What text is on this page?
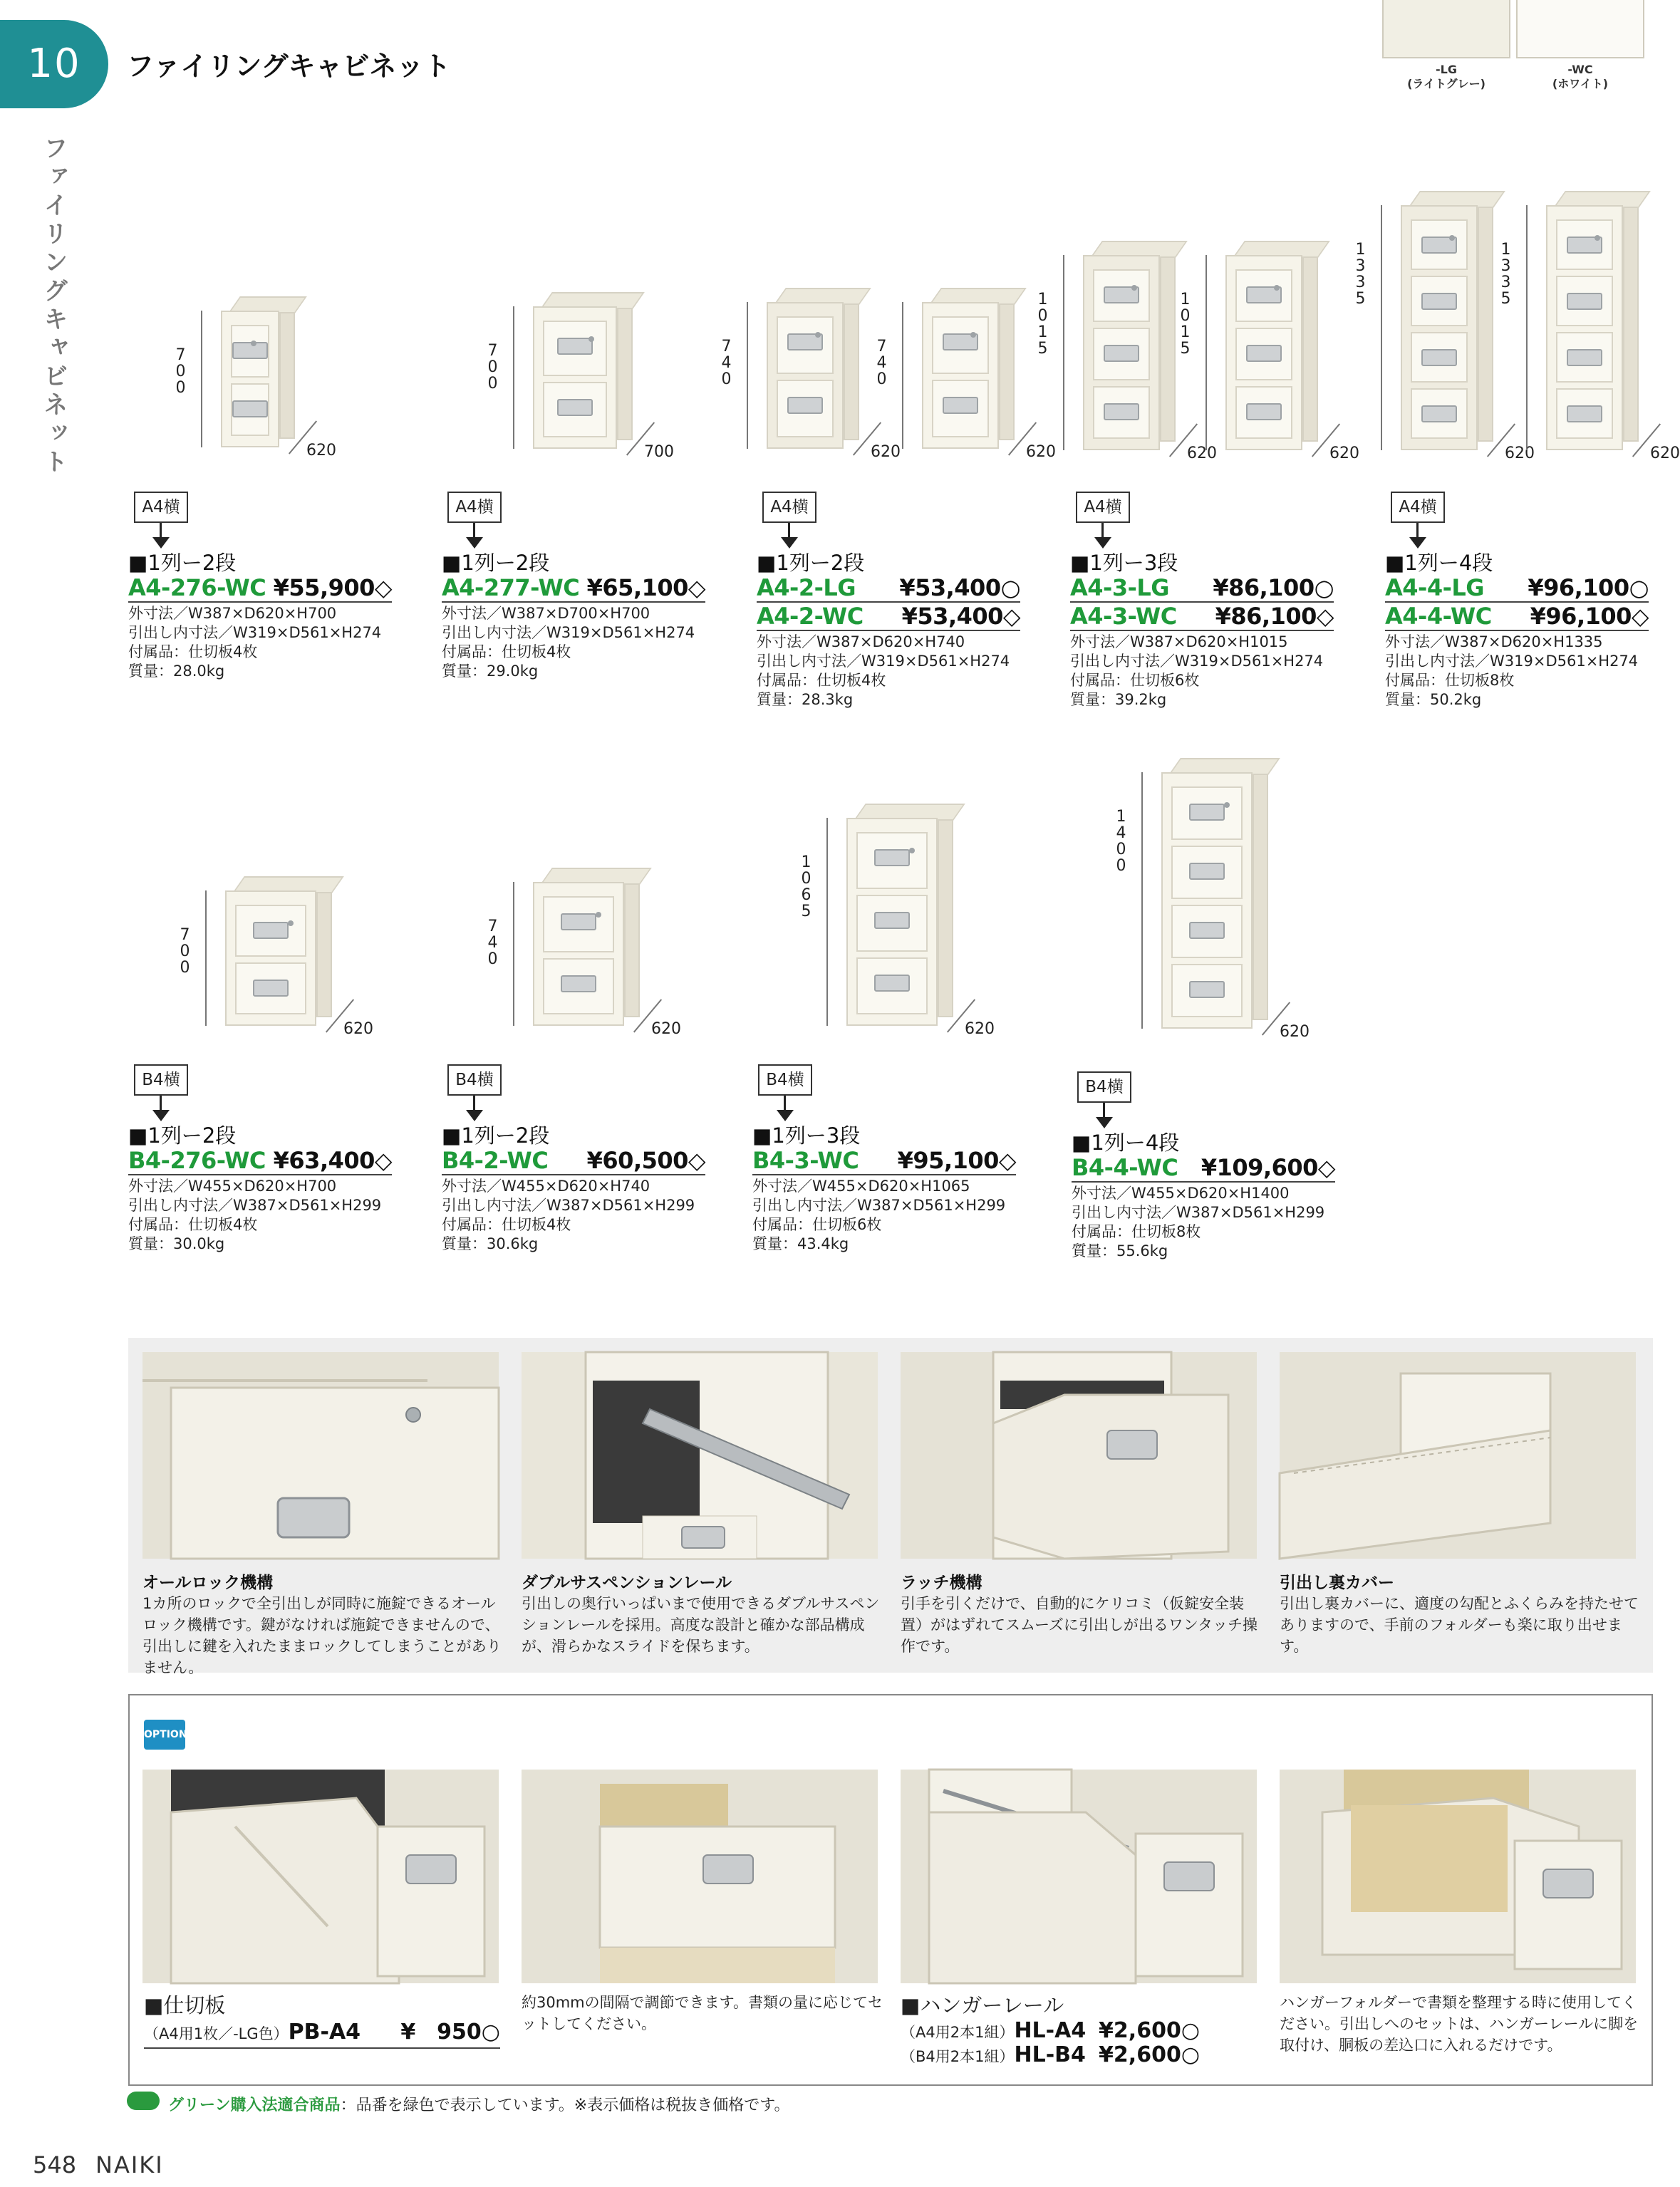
10	ファイリングキャビネット
ファイリングキャビネット
-LG
(ライトグレー)
-WC
(ホワイト)
700
620
700
700
740
620
740
620
1015
620
1015
620
1335
620
1335
620
A4横
■1列ー2段
A4-276-WC ¥55,900◇
外寸法／W387×D620×H700
引出し内寸法／W319×D561×H274
付属品：仕切板4枚
質量：28.0kg
A4横
■1列ー2段
A4-277-WC ¥65,100◇
外寸法／W387×D700×H700
引出し内寸法／W319×D561×H274
付属品：仕切板4枚
質量：29.0kg
A4横
■1列ー2段
A4-2-LG ¥53,400○
A4-2-WC ¥53,400◇
外寸法／W387×D620×H740
引出し内寸法／W319×D561×H274
付属品：仕切板4枚
質量：28.3kg
A4横
■1列ー3段
A4-3-LG ¥86,100○
A4-3-WC ¥86,100◇
外寸法／W387×D620×H1015
引出し内寸法／W319×D561×H274
付属品：仕切板6枚
質量：39.2kg
A4横
■1列ー4段
A4-4-LG ¥96,100○
A4-4-WC ¥96,100◇
外寸法／W387×D620×H1335
引出し内寸法／W319×D561×H274
付属品：仕切板8枚
質量：50.2kg
700
620
740
620
1065
620
1400
620
B4横
■1列ー2段
B4-276-WC ¥63,400◇
外寸法／W455×D620×H700
引出し内寸法／W387×D561×H299
付属品：仕切板4枚
質量：30.0kg
B4横
■1列ー2段
B4-2-WC ¥60,500◇
外寸法／W455×D620×H740
引出し内寸法／W387×D561×H299
付属品：仕切板4枚
質量：30.6kg
B4横
■1列ー3段
B4-3-WC ¥95,100◇
外寸法／W455×D620×H1065
引出し内寸法／W387×D561×H299
付属品：仕切板6枚
質量：43.4kg
B4横
■1列ー4段
B4-4-WC ¥109,600◇
外寸法／W455×D620×H1400
引出し内寸法／W387×D561×H299
付属品：仕切板8枚
質量：55.6kg
オールロック機構
1カ所のロックで全引出しが同時に施錠できるオールロック機構です。鍵がなければ施錠できませんので、引出しに鍵を入れたままロックしてしまうことがありません。
ダブルサスペンションレール
引出しの奥行いっぱいまで使用できるダブルサスペンションレールを採用。高度な設計と確かな部品構成が、滑らかなスライドを保ちます。
ラッチ機構
引手を引くだけで、自動的にケリコミ（仮錠安全装置）がはずれてスムーズに引出しが出るワンタッチ操作です。
引出し裏カバー
引出し裏カバーに、適度の勾配とふくらみを持たせてありますので、手前のフォルダーも楽に取り出せます。
OPTION
■仕切板
（A4用1枚／-LG色）PB-A4 ¥　950○
約30mmの間隔で調節できます。書類の量に応じてセットしてください。
■ハンガーレール
（A4用2本1組）HL-A4 ¥2,600○
（B4用2本1組）HL-B4 ¥2,600○
ハンガーフォルダーで書類を整理する時に使用してください。引出しへのセットは、ハンガーレールに脚を取付け、胴板の差込口に入れるだけです。
グリーン購入法適合商品：品番を緑色で表示しています。※表示価格は税抜き価格です。
548 NAIKI
